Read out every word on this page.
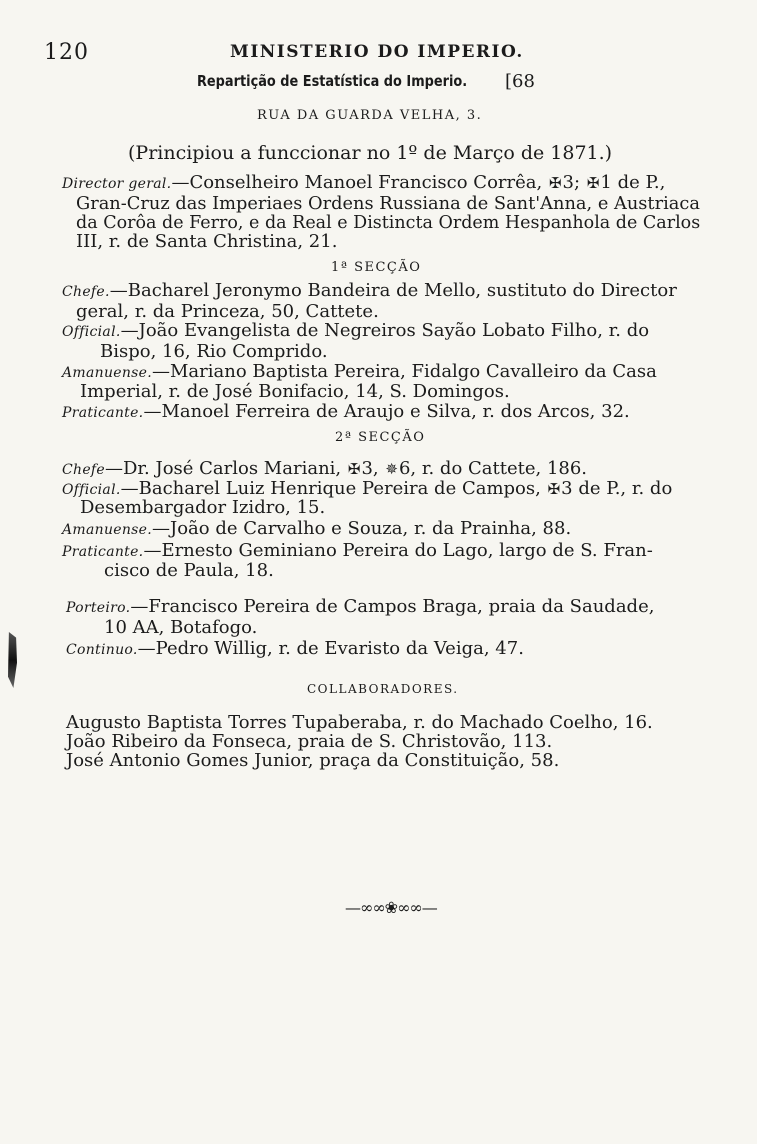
120	MINISTERIO DO IMPERIO.
Repartição de Estatística do Imperio. [68
RUA DA GUARDA VELHA, 3.
(Principiou a funccionar no 1º de Março de 1871.)
Director geral.—Conselheiro Manoel Francisco Corrêa, ✠3; ✠1 de P.,
Gran-Cruz das Imperiaes Ordens Russiana de Sant'Anna, e Austriaca
da Corôa de Ferro, e da Real e Distincta Ordem Hespanhola de Carlos
III, r. de Santa Christina, 21.
1ª SECÇÃO
Chefe.—Bacharel Jeronymo Bandeira de Mello, sustituto do Director
geral, r. da Princeza, 50, Cattete.
Official.—João Evangelista de Negreiros Sayão Lobato Filho, r. do
Bispo, 16, Rio Comprido.
Amanuense.—Mariano Baptista Pereira, Fidalgo Cavalleiro da Casa
Imperial, r. de José Bonifacio, 14, S. Domingos.
Praticante.—Manoel Ferreira de Araujo e Silva, r. dos Arcos, 32.
2ª SECÇÃO
Chefe—Dr. José Carlos Mariani, ✠3, ✵6, r. do Cattete, 186.
Official.—Bacharel Luiz Henrique Pereira de Campos, ✠3 de P., r. do
Desembargador Izidro, 15.
Amanuense.—João de Carvalho e Souza, r. da Prainha, 88.
Praticante.—Ernesto Geminiano Pereira do Lago, largo de S. Fran-
cisco de Paula, 18.
Porteiro.—Francisco Pereira de Campos Braga, praia da Saudade,
10 AA, Botafogo.
Continuo.—Pedro Willig, r. de Evaristo da Veiga, 47.
COLLABORADORES.
Augusto Baptista Torres Tupaberaba, r. do Machado Coelho, 16.
João Ribeiro da Fonseca, praia de S. Christovão, 113.
José Antonio Gomes Junior, praça da Constituição, 58.
—∞∞❀∞∞—
